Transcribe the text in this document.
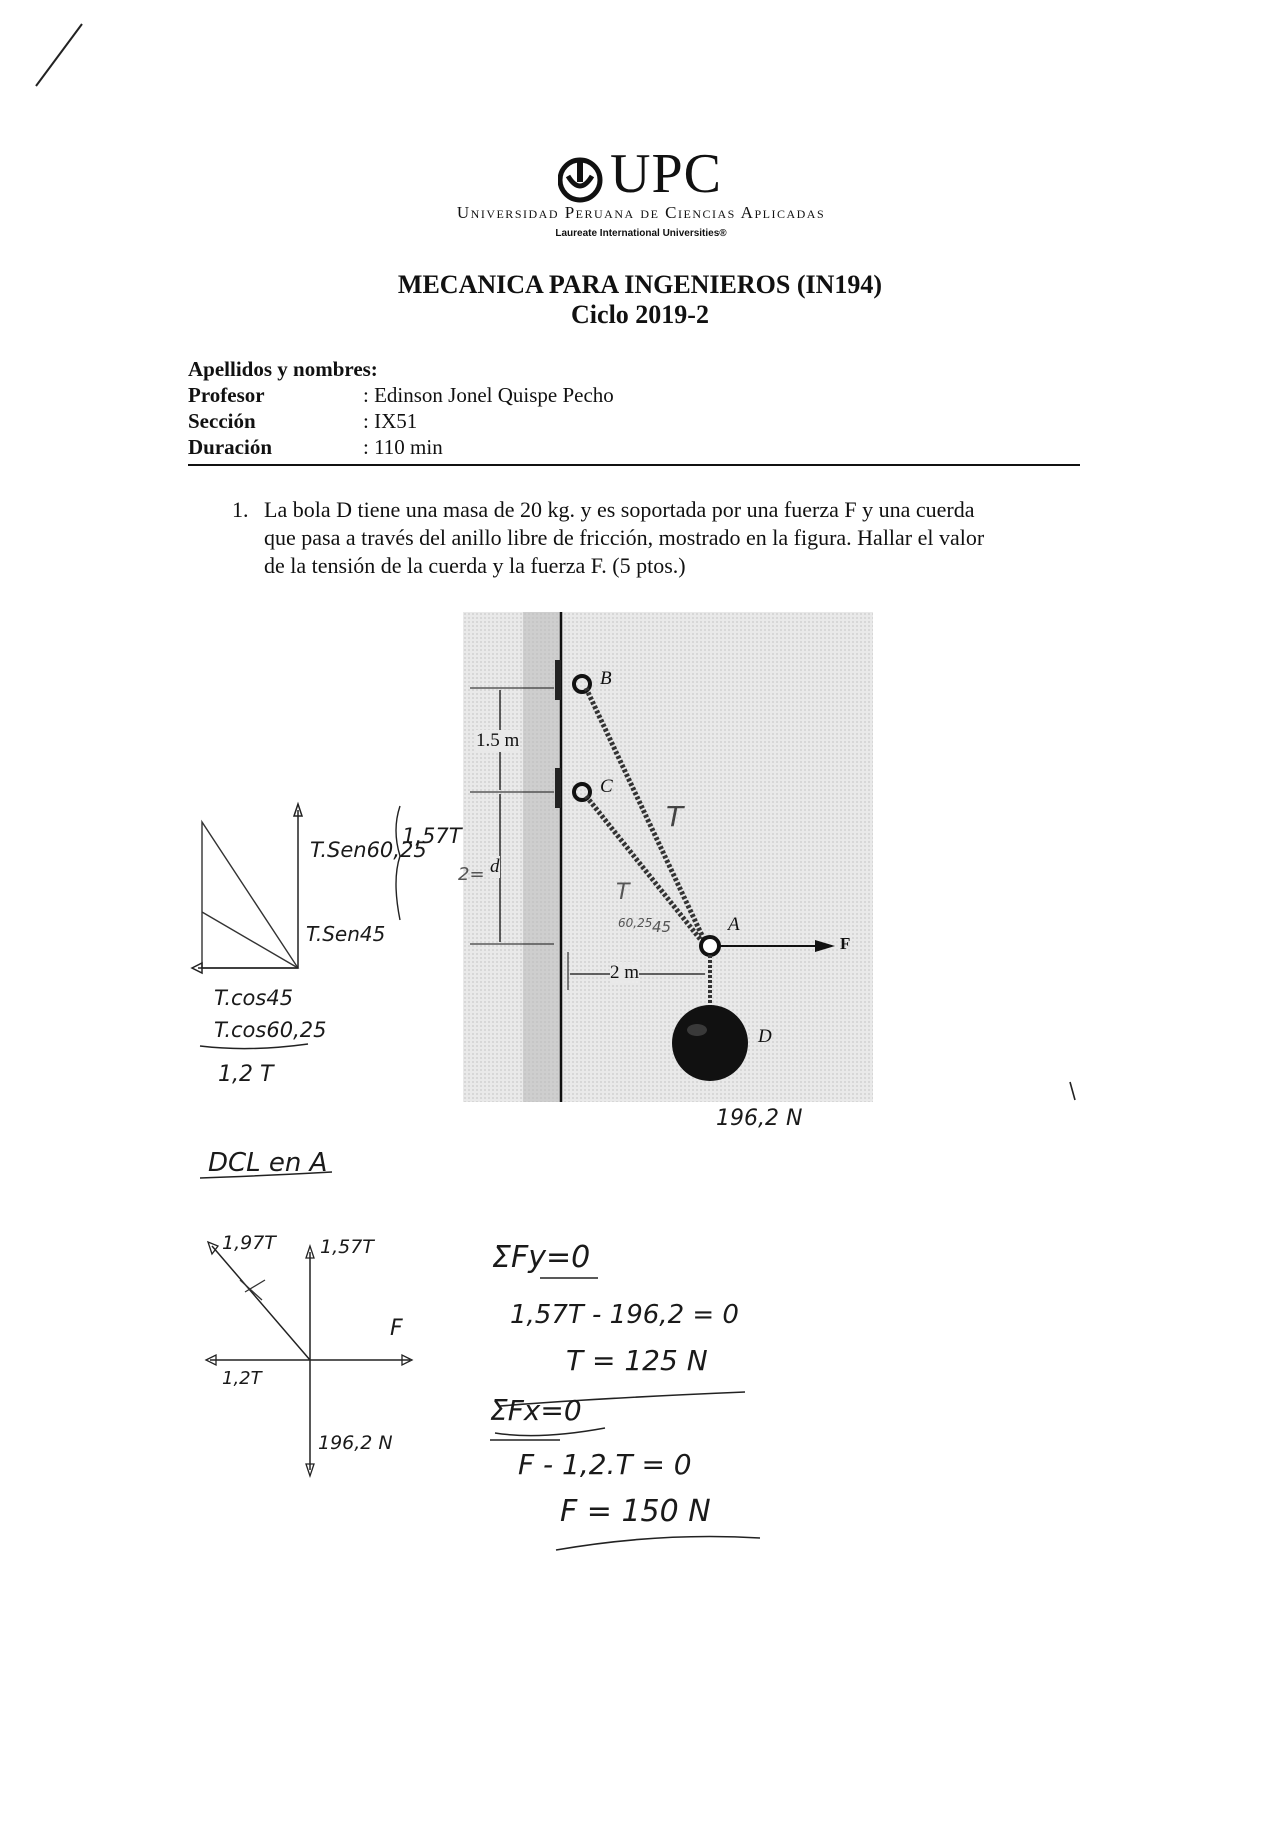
UPC
Universidad Peruana de Ciencias Aplicadas
Laureate International Universities®
MECANICA PARA INGENIEROS (IN194)
Ciclo 2019-2
Apellidos y nombres:
Profesor	: Edinson Jonel Quispe Pecho
Sección	: IX51
Duración	: 110 min
1. La bola D tiene una masa de 20 kg. y es soportada por una fuerza F y una cuerda
que pasa a través del anillo libre de fricción, mostrado en la figura. Hallar el valor
de la tensión de la cuerda y la fuerza F. (5 ptos.)
B
C
A
D
F
1.5 m
d
2 m
T
T
60,25 45
2=
196,2 N
T.Sen60,25
1,57T
T.Sen45
T.cos45
T.cos60,25
1,2 T
DCL en A
1,97T 1,57T
F
1,2T
196,2 N
ΣFy=0
1,57T - 196,2 = 0
T = 125 N
ΣFx=0
F - 1,2.T = 0
F = 150 N
